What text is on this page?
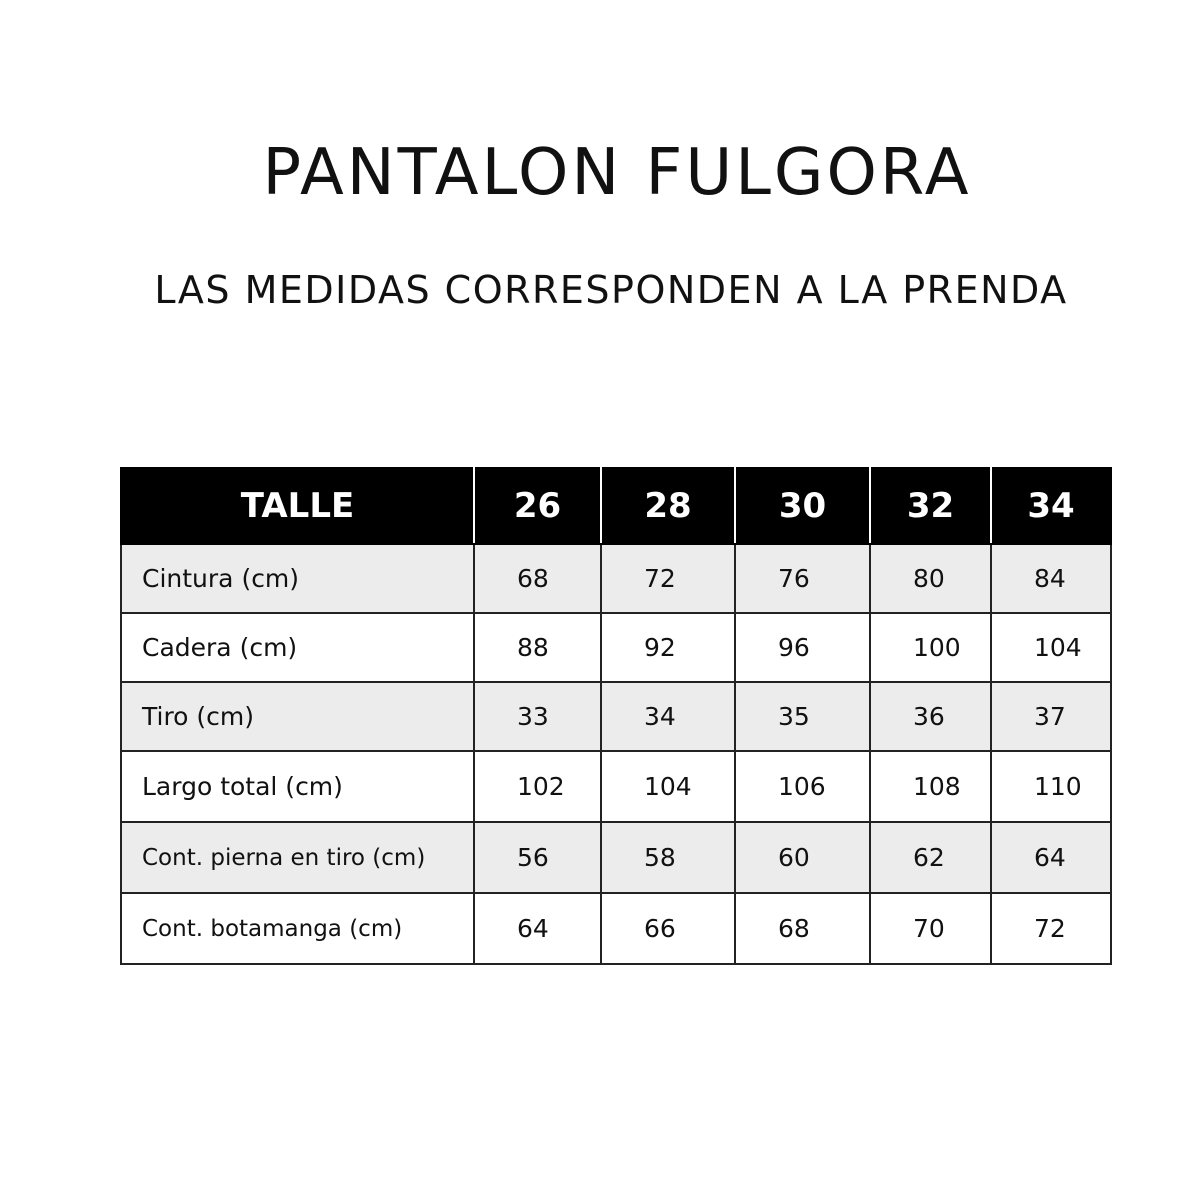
PANTALON FULGORA
LAS MEDIDAS CORRESPONDEN A LA PRENDA
TALLE	26	28	30	32	34
Cintura (cm)	68	72	76	80	84
Cadera (cm)	88	92	96	100	104
Tiro (cm)	33	34	35	36	37
Largo total (cm)	102	104	106	108	110
Cont. pierna en tiro (cm)	56	58	60	62	64
Cont. botamanga (cm)	64	66	68	70	72
